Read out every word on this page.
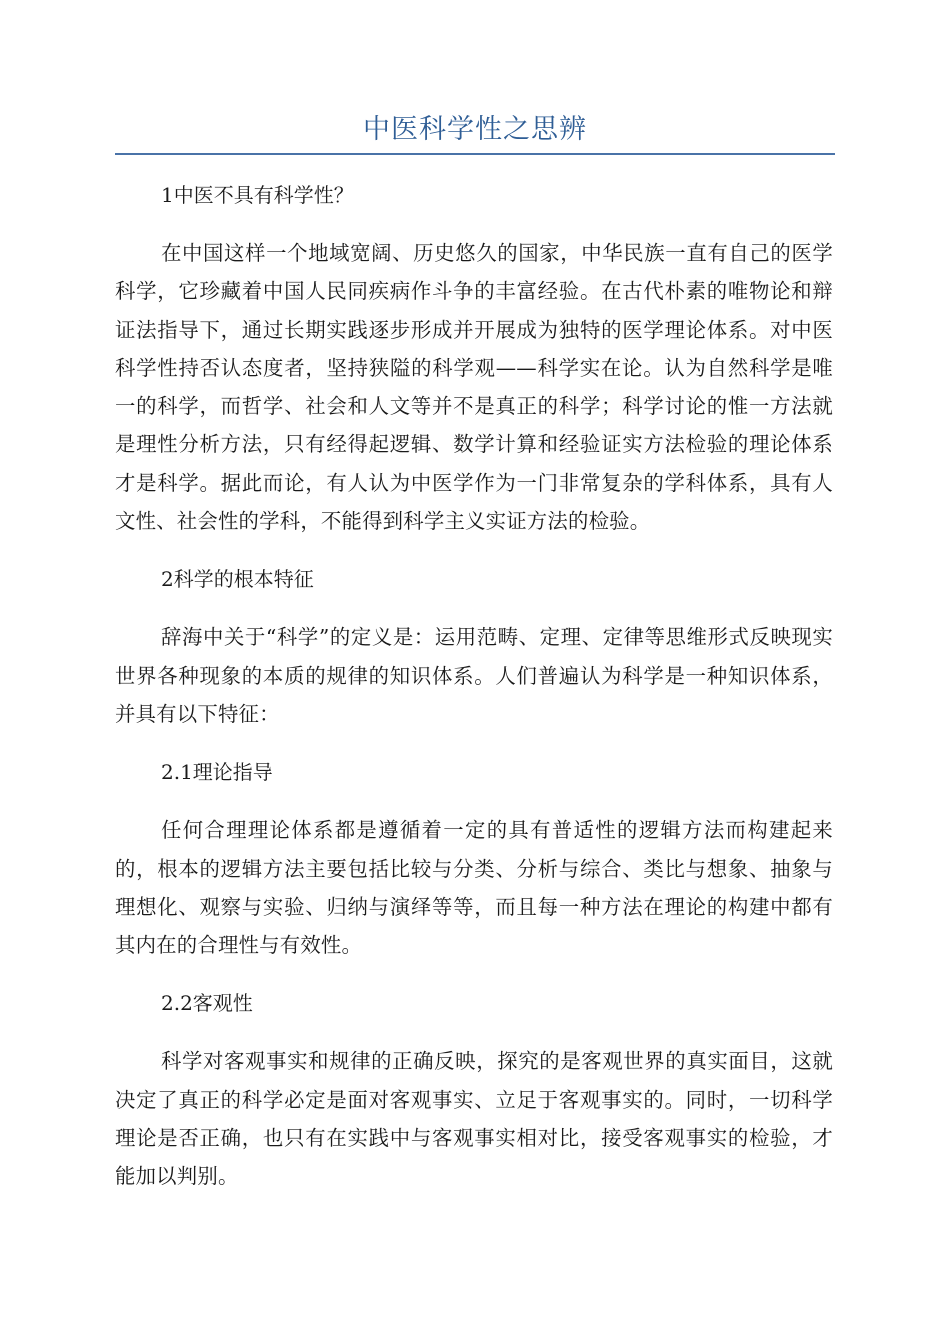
中医科学性之思辨

1中医不具有科学性？

在中国这样一个地域宽阔、历史悠久的国家，中华民族一直有自己的医学科学，它珍藏着中国人民同疾病作斗争的丰富经验。在古代朴素的唯物论和辩证法指导下，通过长期实践逐步形成并开展成为独特的医学理论体系。对中医科学性持否认态度者，坚持狭隘的科学观——科学实在论。认为自然科学是唯一的科学，而哲学、社会和人文等并不是真正的科学；科学讨论的惟一方法就是理性分析方法，只有经得起逻辑、数学计算和经验证实方法检验的理论体系才是科学。据此而论，有人认为中医学作为一门非常复杂的学科体系，具有人文性、社会性的学科，不能得到科学主义实证方法的检验。

2科学的根本特征

辞海中关于“科学”的定义是：运用范畴、定理、定律等思维形式反映现实世界各种现象的本质的规律的知识体系。人们普遍认为科学是一种知识体系，并具有以下特征：

2.1理论指导

任何合理理论体系都是遵循着一定的具有普适性的逻辑方法而构建起来的，根本的逻辑方法主要包括比较与分类、分析与综合、类比与想象、抽象与理想化、观察与实验、归纳与演绎等等，而且每一种方法在理论的构建中都有其内在的合理性与有效性。

2.2客观性

科学对客观事实和规律的正确反映，探究的是客观世界的真实面目，这就决定了真正的科学必定是面对客观事实、立足于客观事实的。同时，一切科学理论是否正确，也只有在实践中与客观事实相对比，接受客观事实的检验，才能加以判别。
